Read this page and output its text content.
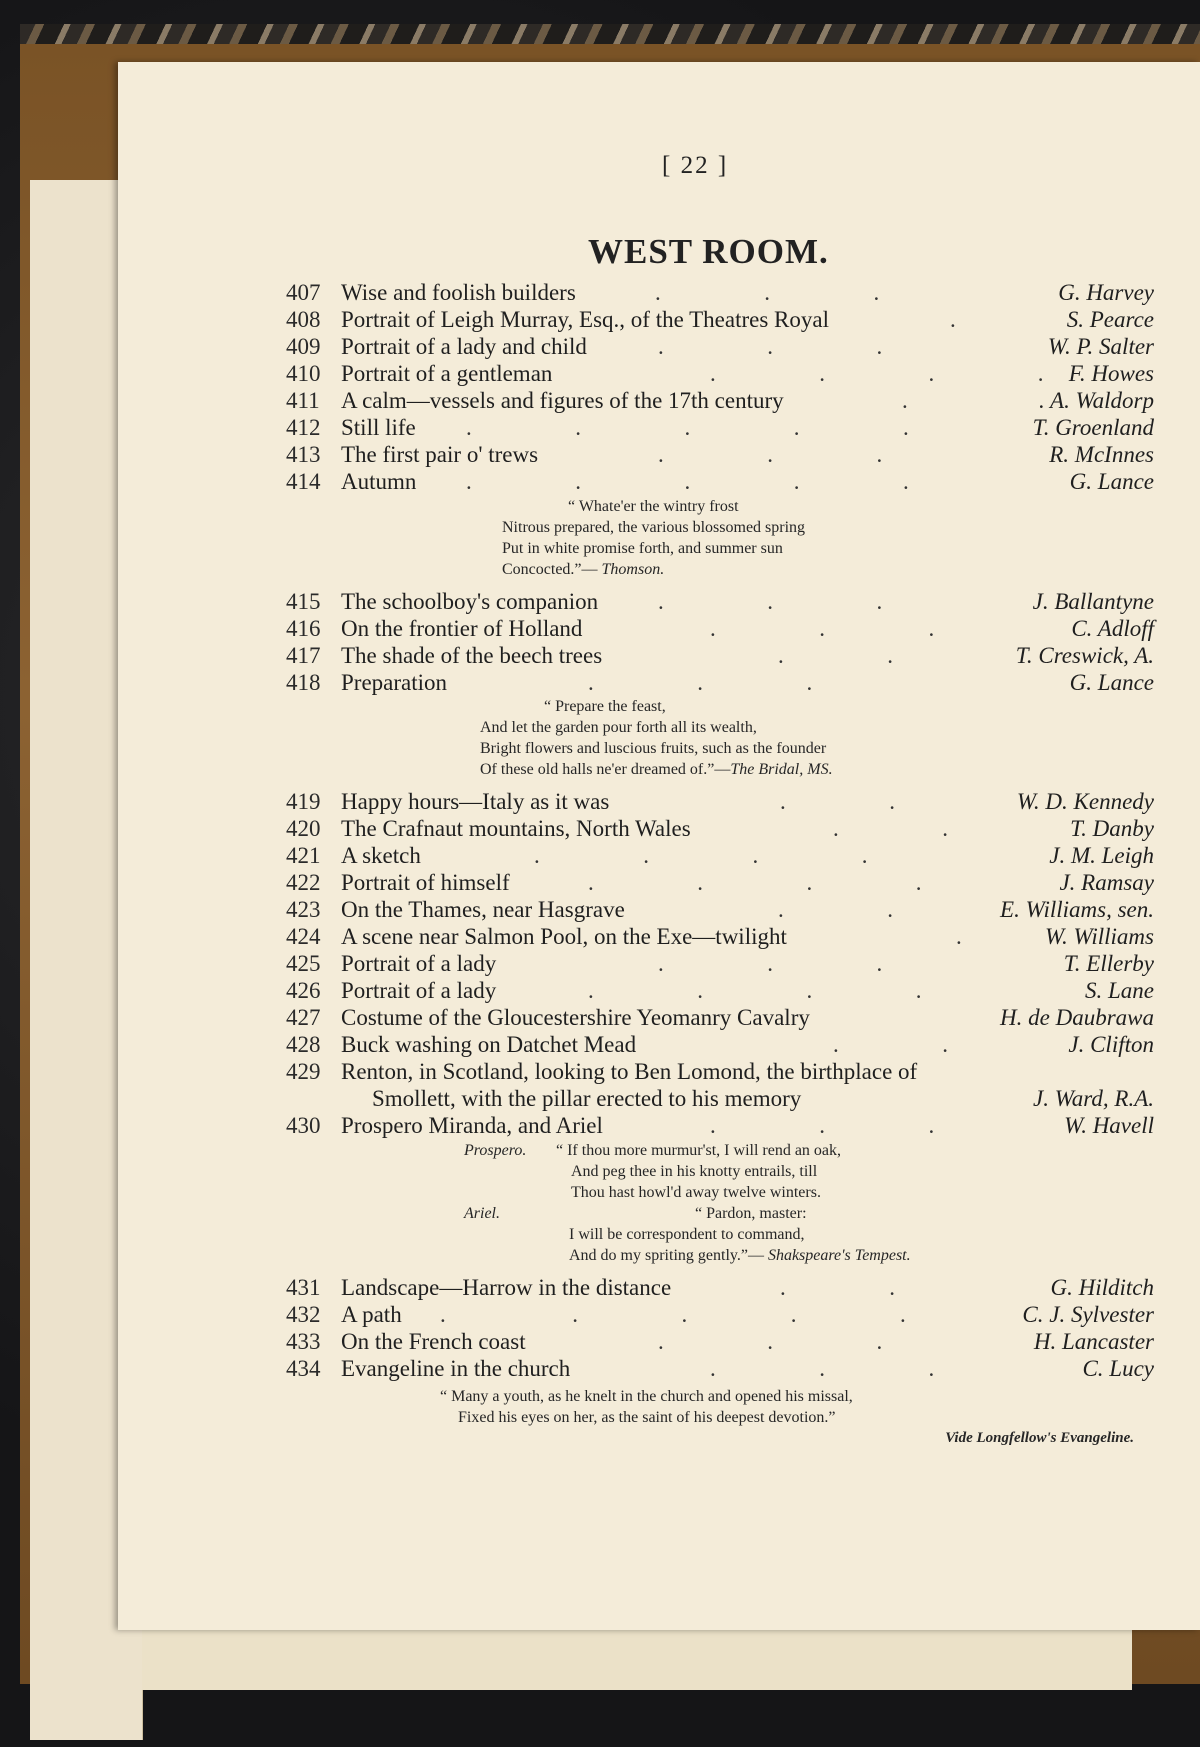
[ 22 ]
WEST ROOM.
407 Wise and foolish builders	.                  .                  .	G. Harvey
408 Portrait of Leigh Murray, Esq., of the Theatres Royal	.	S. Pearce
409 Portrait of a lady and child	.                  .                  .	W. P. Salter
410 Portrait of a gentleman	.                  .                  .                  . F. Howes
411 A calm—vessels and figures of the 17th century	.	. A. Waldorp
412 Still life .                  .                  .                  .                  .	T. Groenland
413 The first pair o' trews	.                  .                  .	R. McInnes
414 Autumn .                  .                  .                  .                  .	G. Lance
“ Whate'er the wintry frost
Nitrous prepared, the various blossomed spring
Put in white promise forth, and summer sun
Concocted.”— Thomson.
415 The schoolboy's companion	.                  .                  .	J. Ballantyne
416 On the frontier of Holland	.                  .                  .	C. Adloff
417 The shade of the beech trees	.                  .	T. Creswick, A.
418 Preparation	.                  .                  .	G. Lance
“ Prepare the feast,
And let the garden pour forth all its wealth,
Bright flowers and luscious fruits, such as the founder
Of these old halls ne'er dreamed of.”—The Bridal, MS.
419 Happy hours—Italy as it was	.                  .	W. D. Kennedy
420 The Crafnaut mountains, North Wales	.                  .	T. Danby
421 A sketch	.                  .                  .                  .	J. M. Leigh
422 Portrait of himself	.                  .                  .                  .	J. Ramsay
423 On the Thames, near Hasgrave	.                  .	E. Williams, sen.
424 A scene near Salmon Pool, on the Exe—twilight	.	W. Williams
425 Portrait of a lady	.                  .                  .	T. Ellerby
426 Portrait of a lady	.                  .                  .                  .	S. Lane
427 Costume of the Gloucestershire Yeomanry Cavalry	H. de Daubrawa
428 Buck washing on Datchet Mead	.                  .	J. Clifton
429 Renton, in Scotland, looking to Ben Lomond, the birthplace of
Smollett, with the pillar erected to his memory	J. Ward, R.A.
430 Prospero Miranda, and Ariel	.                  .                  .	W. Havell
Prospero. “ If thou more murmur'st, I will rend an oak,
And peg thee in his knotty entrails, till
Thou hast howl'd away twelve winters.
Ariel.	“ Pardon, master:
I will be correspondent to command,
And do my spriting gently.”— Shakspeare's Tempest.
431 Landscape—Harrow in the distance	.                  .	G. Hilditch
432 A path .                      .                  .                  .                  .	C. J. Sylvester
433 On the French coast	.                  .                  .	H. Lancaster
434 Evangeline in the church	.                  .                  .	C. Lucy
“ Many a youth, as he knelt in the church and opened his missal,
Fixed his eyes on her, as the saint of his deepest devotion.”
Vide Longfellow's Evangeline.
